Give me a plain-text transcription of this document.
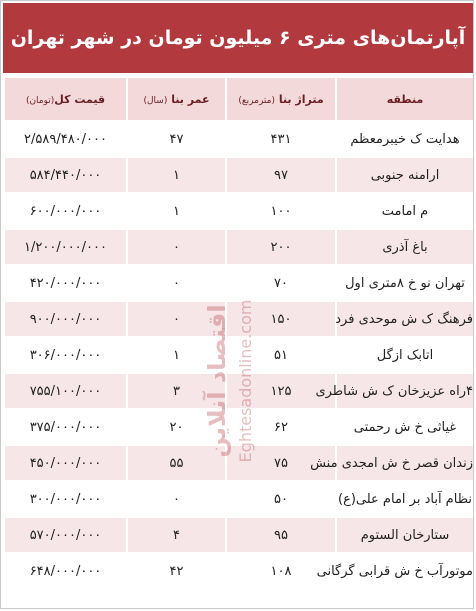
آپارتمان‌های متری ۶ میلیون تومان در شهر تهران
منطقه	متراژ بنا (مترمربع)	عمر بنا (سال)	قیمت کل(تومان)
هدایت ک خیبرمعظم	۴۳۱	۴۷	۲/۵۸۹/۴۸۰/۰۰۰
ارامنه جنوبی	۹۷	۱	۵۸۴/۴۴۰/۰۰۰
م امامت	۱۰۰	۱	۶۰۰/۰۰۰/۰۰۰
باغ آذری	۲۰۰	۰	۱/۲۰۰/۰۰۰/۰۰۰
تهران نو خ ۸متری اول	۷۰	۰	۴۲۰/۰۰۰/۰۰۰
فرهنگ ک ش موحدی فرد	۱۵۰	۰	۹۰۰/۰۰۰/۰۰۰
اتابک ازگل	۵۱	۱	۳۰۶/۰۰۰/۰۰۰
۴راه عزیزخان ک ش شاطری	۱۲۵	۳	۷۵۵/۱۰۰/۰۰۰
غیاثی خ ش رحمتی	۶۲	۲۰	۳۷۵/۰۰۰/۰۰۰
زندان قصر خ ش امجدی منش	۷۵	۵۵	۴۵۰/۰۰۰/۰۰۰
نظام آباد بر امام علی(ع)	۵۰	۰	۳۰۰/۰۰۰/۰۰۰
ستارخان الستوم	۹۵	۴	۵۷۰/۰۰۰/۰۰۰
موتورآب خ ش قرابی گرگانی	۱۰۸	۴۲	۶۴۸/۰۰۰/۰۰۰
اقتصاد آنلاین Eghtesadonline.com
